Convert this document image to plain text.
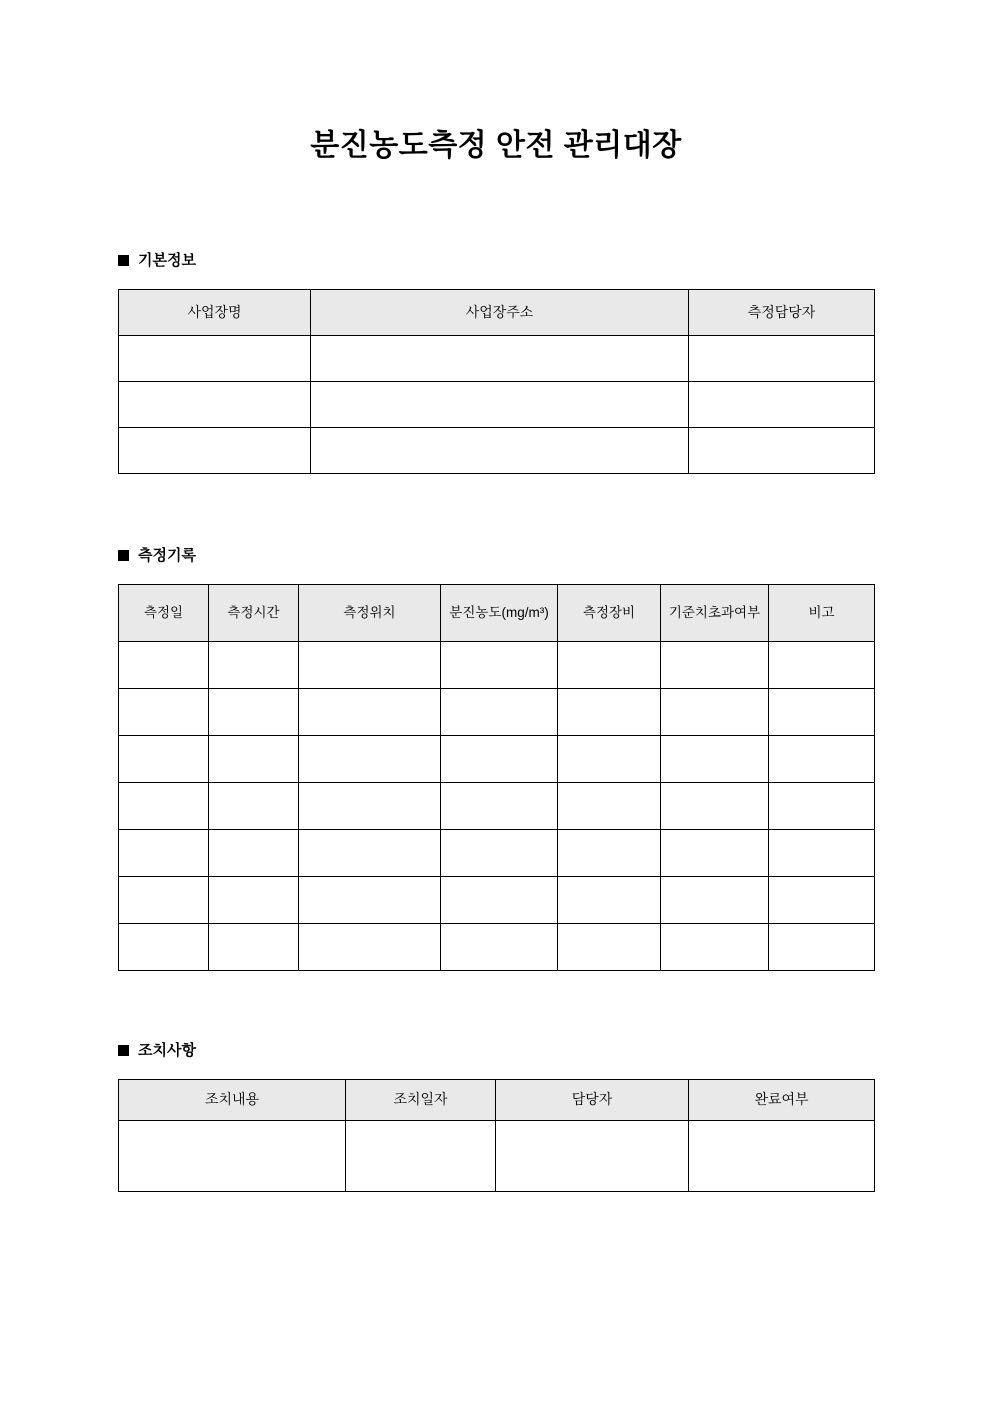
분진농도측정 안전 관리대장
기본정보
사업장명	사업장주소	측정담당자

측정기록
측정일	측정시간	측정위치	분진농도(mg/m³)	측정장비	기준치초과여부	비고

조치사항
조치내용	조치일자	담당자	완료여부
